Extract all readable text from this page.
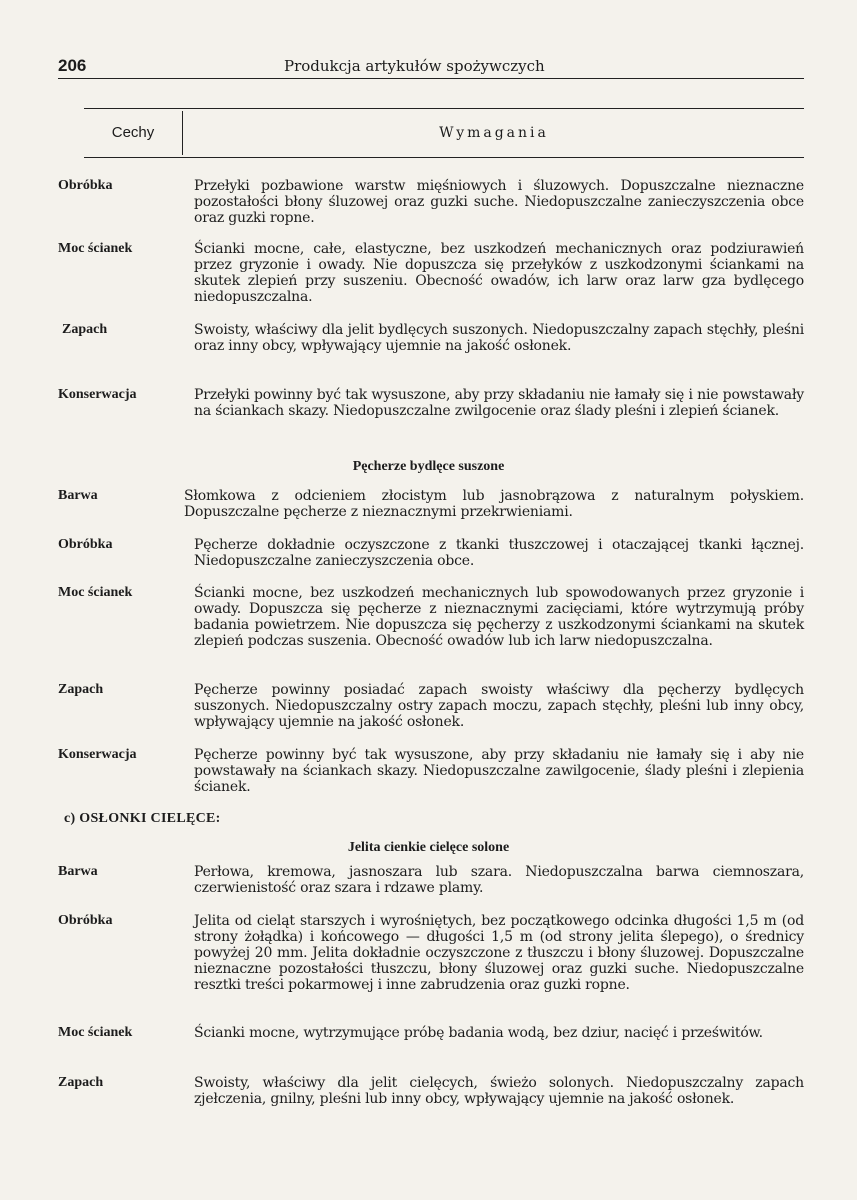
206	Produkcja artykułów spożywczych
Cechy	Wymagania
Obróbka	Przełyki pozbawione warstw mięśniowych i śluzowych. Dopuszczalne nieznaczne pozostałości błony śluzowej oraz guzki suche. Niedopuszczalne zanieczyszczenia obce oraz guzki ropne.
Moc ścianek	Ścianki mocne, całe, elastyczne, bez uszkodzeń mechanicznych oraz podziurawień przez gryzonie i owady. Nie dopuszcza się przełyków z uszkodzonymi ściankami na skutek zlepień przy suszeniu. Obecność owadów, ich larw oraz larw gza bydlęcego niedopuszczalna.
Zapach	Swoisty, właściwy dla jelit bydlęcych suszonych. Niedopuszczalny zapach stęchły, pleśni oraz inny obcy, wpływający ujemnie na jakość osłonek.
Konserwacja	Przełyki powinny być tak wysuszone, aby przy składaniu nie łamały się i nie powstawały na ściankach skazy. Niedopuszczalne zwilgocenie oraz ślady pleśni i zlepień ścianek.
Pęcherze bydlęce suszone
Barwa	Słomkowa z odcieniem złocistym lub jasnobrązowa z naturalnym połyskiem. Dopuszczalne pęcherze z nieznacznymi przekrwieniami.
Obróbka	Pęcherze dokładnie oczyszczone z tkanki tłuszczowej i otaczającej tkanki łącznej. Niedopuszczalne zanieczyszczenia obce.
Moc ścianek	Ścianki mocne, bez uszkodzeń mechanicznych lub spowodowanych przez gryzonie i owady. Dopuszcza się pęcherze z nieznacznymi zacięciami, które wytrzymują próby badania powietrzem. Nie dopuszcza się pęcherzy z uszkodzonymi ściankami na skutek zlepień podczas suszenia. Obecność owadów lub ich larw niedopuszczalna.
Zapach	Pęcherze powinny posiadać zapach swoisty właściwy dla pęcherzy bydlęcych suszonych. Niedopuszczalny ostry zapach moczu, zapach stęchły, pleśni lub inny obcy, wpływający ujemnie na jakość osłonek.
Konserwacja	Pęcherze powinny być tak wysuszone, aby przy składaniu nie łamały się i aby nie powstawały na ściankach skazy. Niedopuszczalne zawilgocenie, ślady pleśni i zlepienia ścianek.
c) OSŁONKI CIELĘCE:
Jelita cienkie cielęce solone
Barwa	Perłowa, kremowa, jasnoszara lub szara. Niedopuszczalna barwa ciemnoszara, czerwienistość oraz szara i rdzawe plamy.
Obróbka	Jelita od cieląt starszych i wyrośniętych, bez początkowego odcinka długości 1,5 m (od strony żołądka) i końcowego — długości 1,5 m (od strony jelita ślepego), o średnicy powyżej 20 mm. Jelita dokładnie oczyszczone z tłuszczu i błony śluzowej. Dopuszczalne nieznaczne pozostałości tłuszczu, błony śluzowej oraz guzki suche. Niedopuszczalne resztki treści pokarmowej i inne zabrudzenia oraz guzki ropne.
Moc ścianek	Ścianki mocne, wytrzymujące próbę badania wodą, bez dziur, nacięć i prześwitów.
Zapach	Swoisty, właściwy dla jelit cielęcych, świeżo solonych. Niedopuszczalny zapach zjełczenia, gnilny, pleśni lub inny obcy, wpływający ujemnie na jakość osłonek.
